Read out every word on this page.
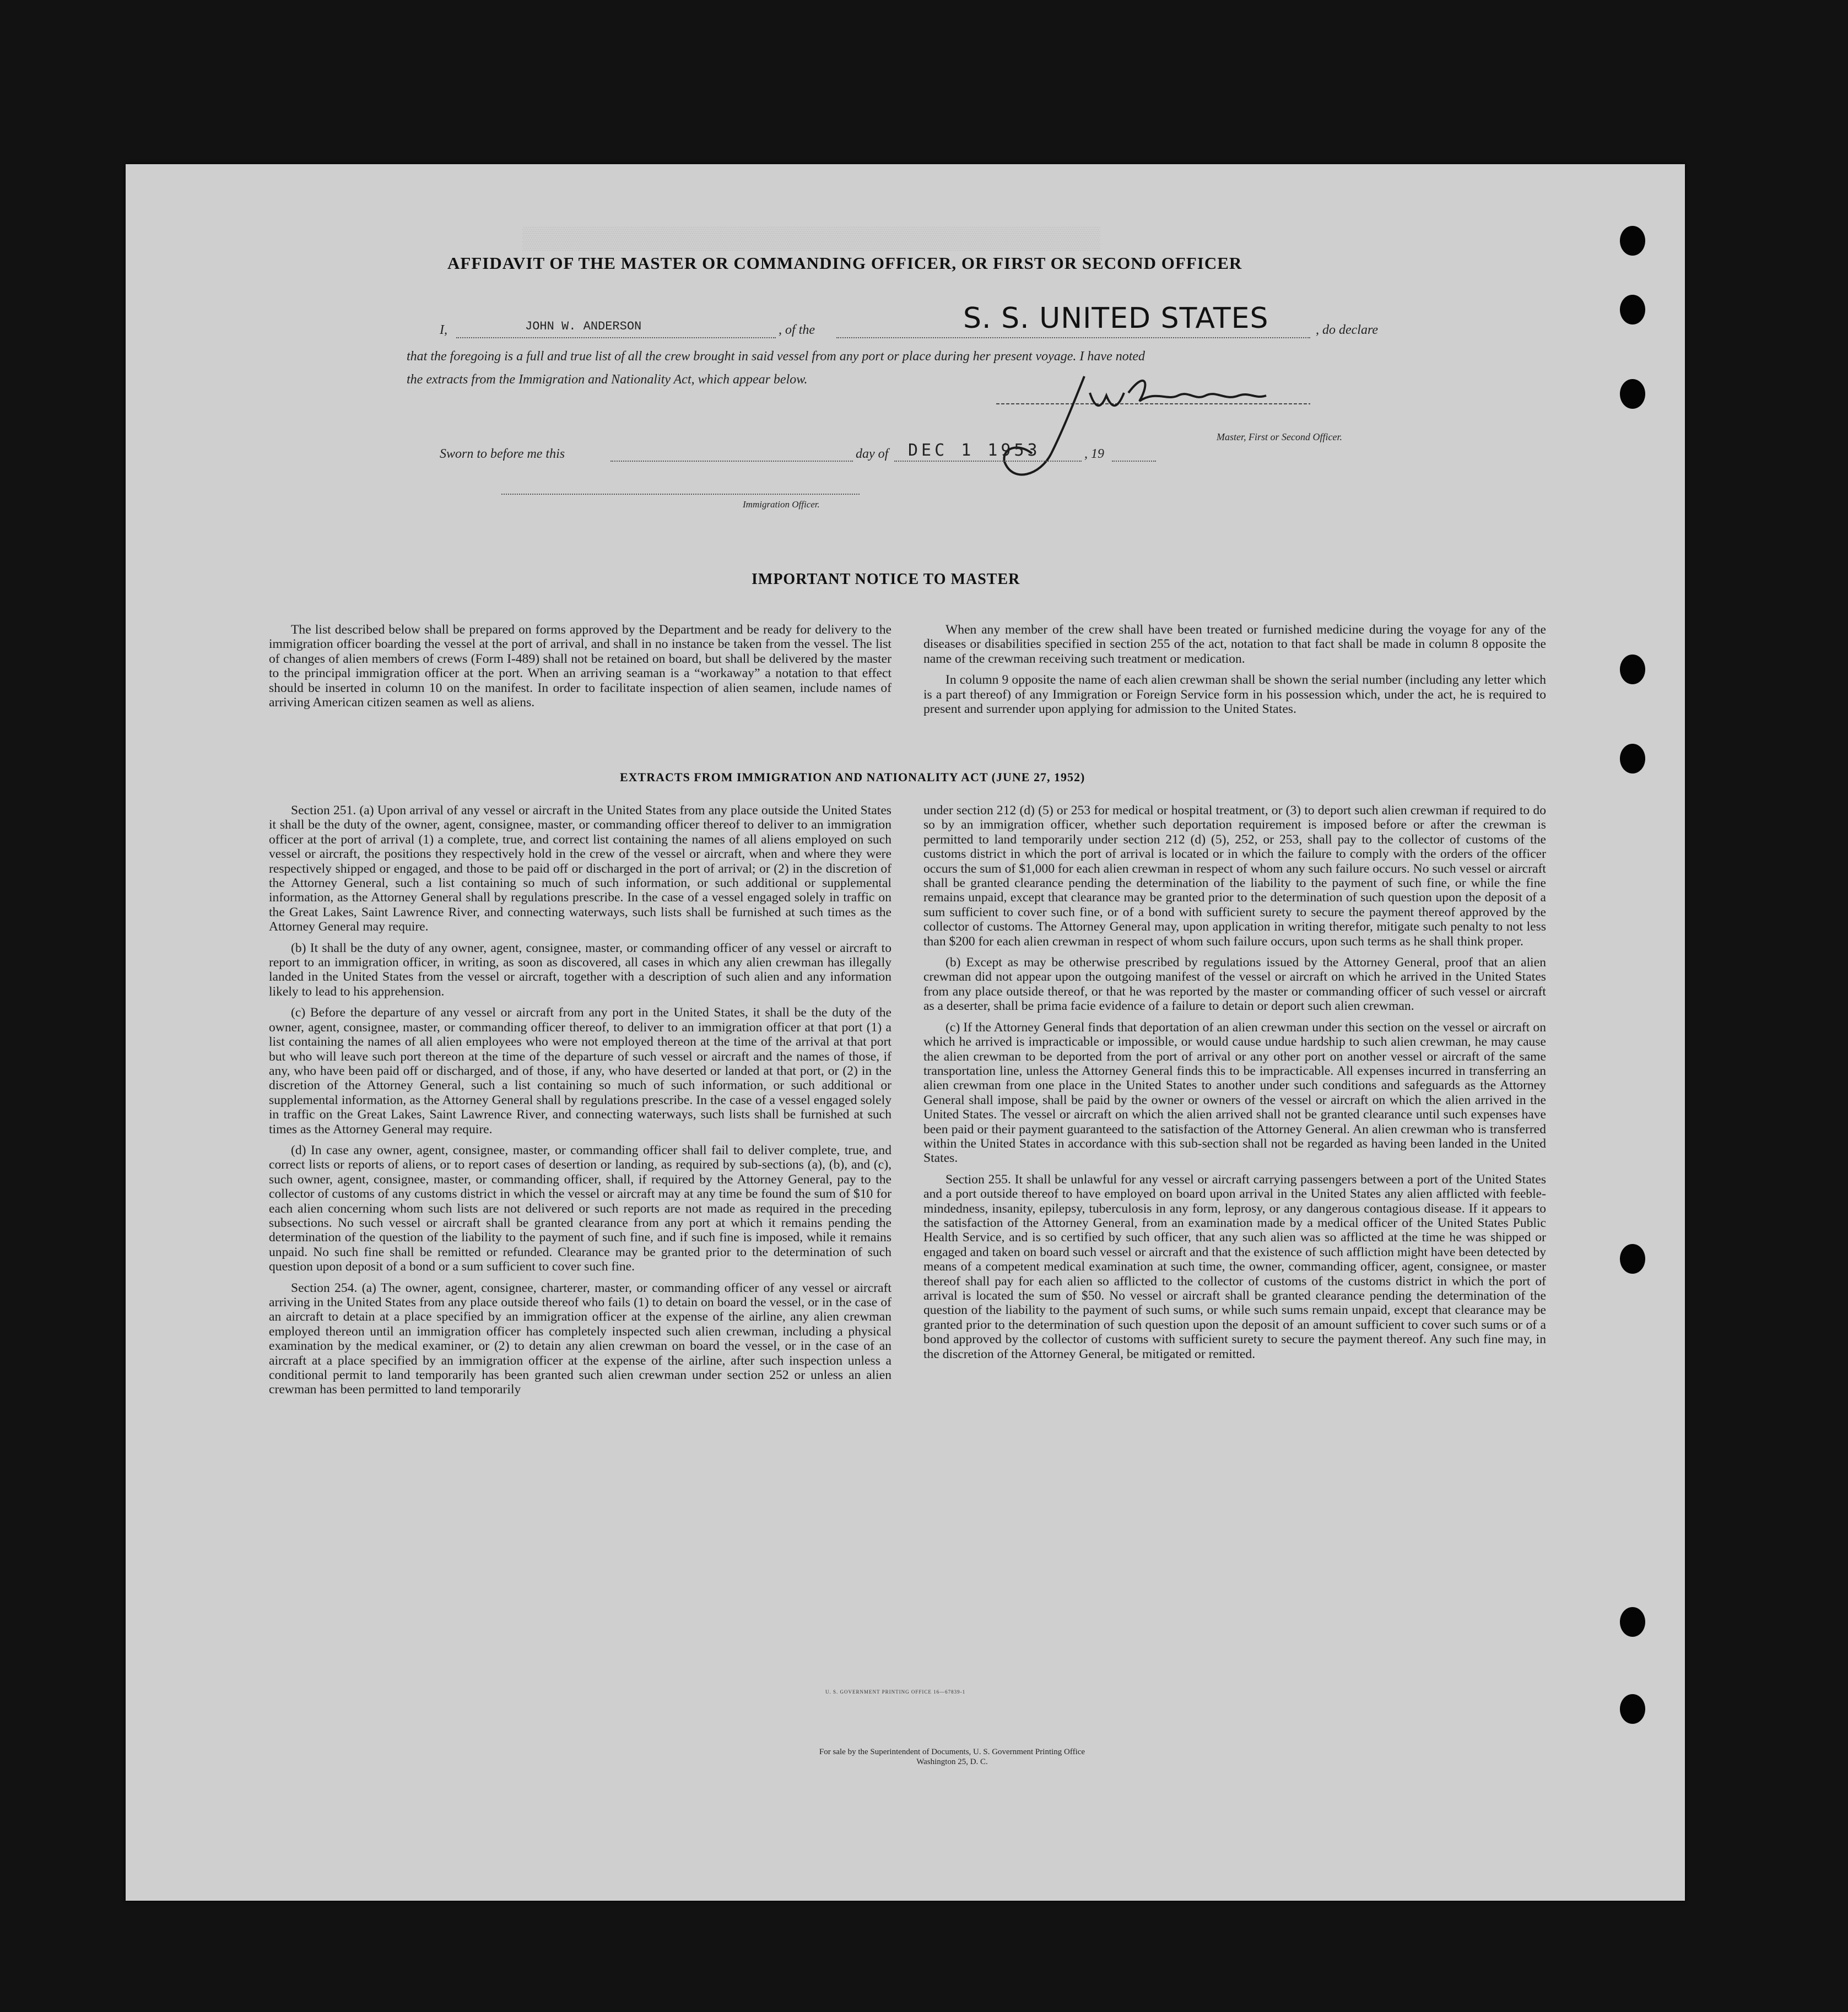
▒▒▒▒▒▒▒▒▒▒▒▒▒▒▒▒▒▒▒▒▒▒▒▒▒▒▒▒▒▒▒▒▒▒▒▒▒
AFFIDAVIT OF THE MASTER OR COMMANDING OFFICER, OR FIRST OR SECOND OFFICER
I,	JOHN W. ANDERSON	, of the	S. S. UNITED STATES	, do declare
that the foregoing is a full and true list of all the crew brought in said vessel from any port or place during her present voyage. I have noted
the extracts from the Immigration and Nationality Act, which appear below.
Master, First or Second Officer.
Sworn to before me this	day of DEC 1 1953	, 19
Immigration Officer.
IMPORTANT NOTICE TO MASTER

The list described below shall be prepared on forms approved by the Department and be ready for delivery to the immigration officer boarding the vessel at the port of arrival, and shall in no instance be taken from the vessel. The list of changes of alien members of crews (Form I-489) shall not be retained on board, but shall be delivered by the master to the principal immigration officer at the port. When an arriving seaman is a “workaway” a notation to that effect should be inserted in column 10 on the manifest. In order to facilitate inspection of alien seamen, include names of arriving American citizen seamen as well as aliens.

When any member of the crew shall have been treated or furnished medicine during the voyage for any of the diseases or disabilities specified in section 255 of the act, notation to that fact shall be made in column 8 opposite the name of the crewman receiving such treatment or medication.

In column 9 opposite the name of each alien crewman shall be shown the serial number (including any letter which is a part thereof) of any Immigration or Foreign Service form in his possession which, under the act, he is required to present and surrender upon applying for admission to the United States.

EXTRACTS FROM IMMIGRATION AND NATIONALITY ACT (JUNE 27, 1952)

Section 251. (a) Upon arrival of any vessel or aircraft in the United States from any place outside the United States it shall be the duty of the owner, agent, consignee, master, or commanding officer thereof to deliver to an immigration officer at the port of arrival (1) a complete, true, and correct list containing the names of all aliens employed on such vessel or aircraft, the positions they respectively hold in the crew of the vessel or aircraft, when and where they were respectively shipped or engaged, and those to be paid off or discharged in the port of arrival; or (2) in the discretion of the Attorney General, such a list containing so much of such information, or such additional or supplemental information, as the Attorney General shall by regulations prescribe. In the case of a vessel engaged solely in traffic on the Great Lakes, Saint Lawrence River, and connecting waterways, such lists shall be furnished at such times as the Attorney General may require.

(b) It shall be the duty of any owner, agent, consignee, master, or commanding officer of any vessel or aircraft to report to an immigration officer, in writing, as soon as discovered, all cases in which any alien crewman has illegally landed in the United States from the vessel or aircraft, together with a description of such alien and any information likely to lead to his apprehension.

(c) Before the departure of any vessel or aircraft from any port in the United States, it shall be the duty of the owner, agent, consignee, master, or commanding officer thereof, to deliver to an immigration officer at that port (1) a list containing the names of all alien employees who were not employed thereon at the time of the arrival at that port but who will leave such port thereon at the time of the departure of such vessel or aircraft and the names of those, if any, who have been paid off or discharged, and of those, if any, who have deserted or landed at that port, or (2) in the discretion of the Attorney General, such a list containing so much of such information, or such additional or supplemental information, as the Attorney General shall by regulations prescribe. In the case of a vessel engaged solely in traffic on the Great Lakes, Saint Lawrence River, and connecting waterways, such lists shall be furnished at such times as the Attorney General may require.

(d) In case any owner, agent, consignee, master, or commanding officer shall fail to deliver complete, true, and correct lists or reports of aliens, or to report cases of desertion or landing, as required by sub-sections (a), (b), and (c), such owner, agent, consignee, master, or commanding officer, shall, if required by the Attorney General, pay to the collector of customs of any customs district in which the vessel or aircraft may at any time be found the sum of $10 for each alien concerning whom such lists are not delivered or such reports are not made as required in the preceding subsections. No such vessel or aircraft shall be granted clearance from any port at which it remains pending the determination of the question of the liability to the payment of such fine, and if such fine is imposed, while it remains unpaid. No such fine shall be remitted or refunded. Clearance may be granted prior to the determination of such question upon deposit of a bond or a sum sufficient to cover such fine.

Section 254. (a) The owner, agent, consignee, charterer, master, or commanding officer of any vessel or aircraft arriving in the United States from any place outside thereof who fails (1) to detain on board the vessel, or in the case of an aircraft to detain at a place specified by an immigration officer at the expense of the airline, any alien crewman employed thereon until an immigration officer has completely inspected such alien crewman, including a physical examination by the medical examiner, or (2) to detain any alien crewman on board the vessel, or in the case of an aircraft at a place specified by an immigration officer at the expense of the airline, after such inspection unless a conditional permit to land temporarily has been granted such alien crewman under section 252 or unless an alien crewman has been permitted to land temporarily

under section 212 (d) (5) or 253 for medical or hospital treatment, or (3) to deport such alien crewman if required to do so by an immigration officer, whether such deportation requirement is imposed before or after the crewman is permitted to land temporarily under section 212 (d) (5), 252, or 253, shall pay to the collector of customs of the customs district in which the port of arrival is located or in which the failure to comply with the orders of the officer occurs the sum of $1,000 for each alien crewman in respect of whom any such failure occurs. No such vessel or aircraft shall be granted clearance pending the determination of the liability to the payment of such fine, or while the fine remains unpaid, except that clearance may be granted prior to the determination of such question upon the deposit of a sum sufficient to cover such fine, or of a bond with sufficient surety to secure the payment thereof approved by the collector of customs. The Attorney General may, upon application in writing therefor, mitigate such penalty to not less than $200 for each alien crewman in respect of whom such failure occurs, upon such terms as he shall think proper.

(b) Except as may be otherwise prescribed by regulations issued by the Attorney General, proof that an alien crewman did not appear upon the outgoing manifest of the vessel or aircraft on which he arrived in the United States from any place outside thereof, or that he was reported by the master or commanding officer of such vessel or aircraft as a deserter, shall be prima facie evidence of a failure to detain or deport such alien crewman.

(c) If the Attorney General finds that deportation of an alien crewman under this section on the vessel or aircraft on which he arrived is impracticable or impossible, or would cause undue hardship to such alien crewman, he may cause the alien crewman to be deported from the port of arrival or any other port on another vessel or aircraft of the same transportation line, unless the Attorney General finds this to be impracticable. All expenses incurred in transferring an alien crewman from one place in the United States to another under such conditions and safeguards as the Attorney General shall impose, shall be paid by the owner or owners of the vessel or aircraft on which the alien arrived in the United States. The vessel or aircraft on which the alien arrived shall not be granted clearance until such expenses have been paid or their payment guaranteed to the satisfaction of the Attorney General. An alien crewman who is transferred within the United States in accordance with this sub-section shall not be regarded as having been landed in the United States.

Section 255. It shall be unlawful for any vessel or aircraft carrying passengers between a port of the United States and a port outside thereof to have employed on board upon arrival in the United States any alien afflicted with feeble-mindedness, insanity, epilepsy, tuberculosis in any form, leprosy, or any dangerous contagious disease. If it appears to the satisfaction of the Attorney General, from an examination made by a medical officer of the United States Public Health Service, and is so certified by such officer, that any such alien was so afflicted at the time he was shipped or engaged and taken on board such vessel or aircraft and that the existence of such affliction might have been detected by means of a competent medical examination at such time, the owner, commanding officer, agent, consignee, or master thereof shall pay for each alien so afflicted to the collector of customs of the customs district in which the port of arrival is located the sum of $50. No vessel or aircraft shall be granted clearance pending the determination of the question of the liability to the payment of such sums, or while such sums remain unpaid, except that clearance may be granted prior to the determination of such question upon the deposit of an amount sufficient to cover such sums or of a bond approved by the collector of customs with sufficient surety to secure the payment thereof. Any such fine may, in the discretion of the Attorney General, be mitigated or remitted.

U. S. GOVERNMENT PRINTING OFFICE 16—67839-1
For sale by the Superintendent of Documents, U. S. Government Printing Office
Washington 25, D. C.
